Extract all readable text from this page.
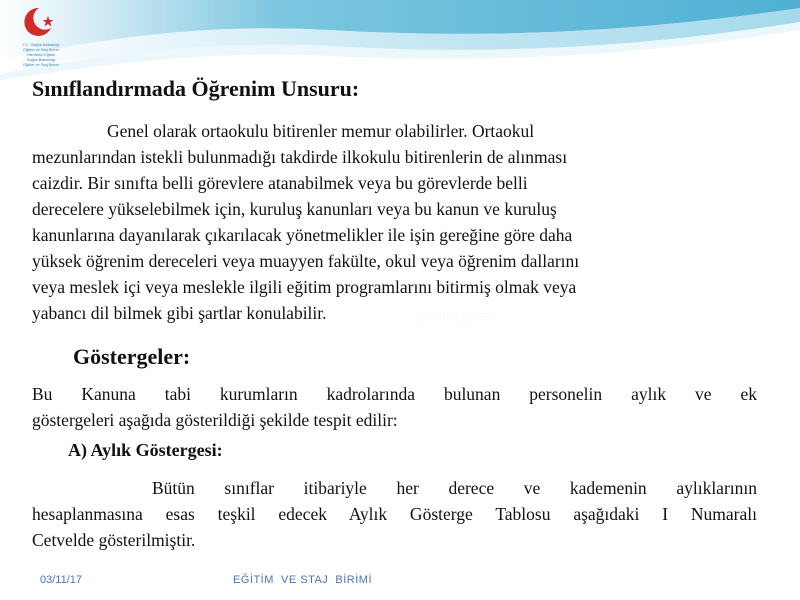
T.C. Sağlık Bakanlığı
Eğitim ve Staj Birimi
Hizmetiçi Eğitim
Sağlık Bakanlığı
Eğitim ve Staj Birimi
Sınıflandırmada Öğrenim Unsuru:

Genel olarak ortaokulu bitirenler memur olabilirler. Ortaokul
mezunlarından istekli bulunmadığı takdirde ilkokulu bitirenlerin de alınması
caizdir. Bir sınıfta belli görevlere atanabilmek veya bu görevlerde belli
derecelere yükselebilmek için, kuruluş kanunları veya bu kanun ve kuruluş
kanunlarına dayanılarak çıkarılacak yönetmelikler ile işin gereğine göre daha
yüksek öğrenim dereceleri veya muayyen fakülte, okul veya öğrenim dallarını
veya meslek içi veya meslekle ilgili eğitim programlarını bitirmiş olmak veya
yabancı dil bilmek gibi şartlar konulabilir.	Göstergeler
Göstergeler:

Bu Kanuna tabi kurumların kadrolarında bulunan personelin aylık ve ek
göstergeleri aşağıda gösterildiği şekilde tespit edilir:

A) Aylık Göstergesi:

Bütün sınıflar itibariyle her derece ve kademenin aylıklarının
hesaplanmasına esas teşkil edecek Aylık Gösterge Tablosu aşağıdaki I Numaralı
Cetvelde gösterilmiştir.

03/11/17	EĞİTİM  VE STAJ  BİRİMİ
